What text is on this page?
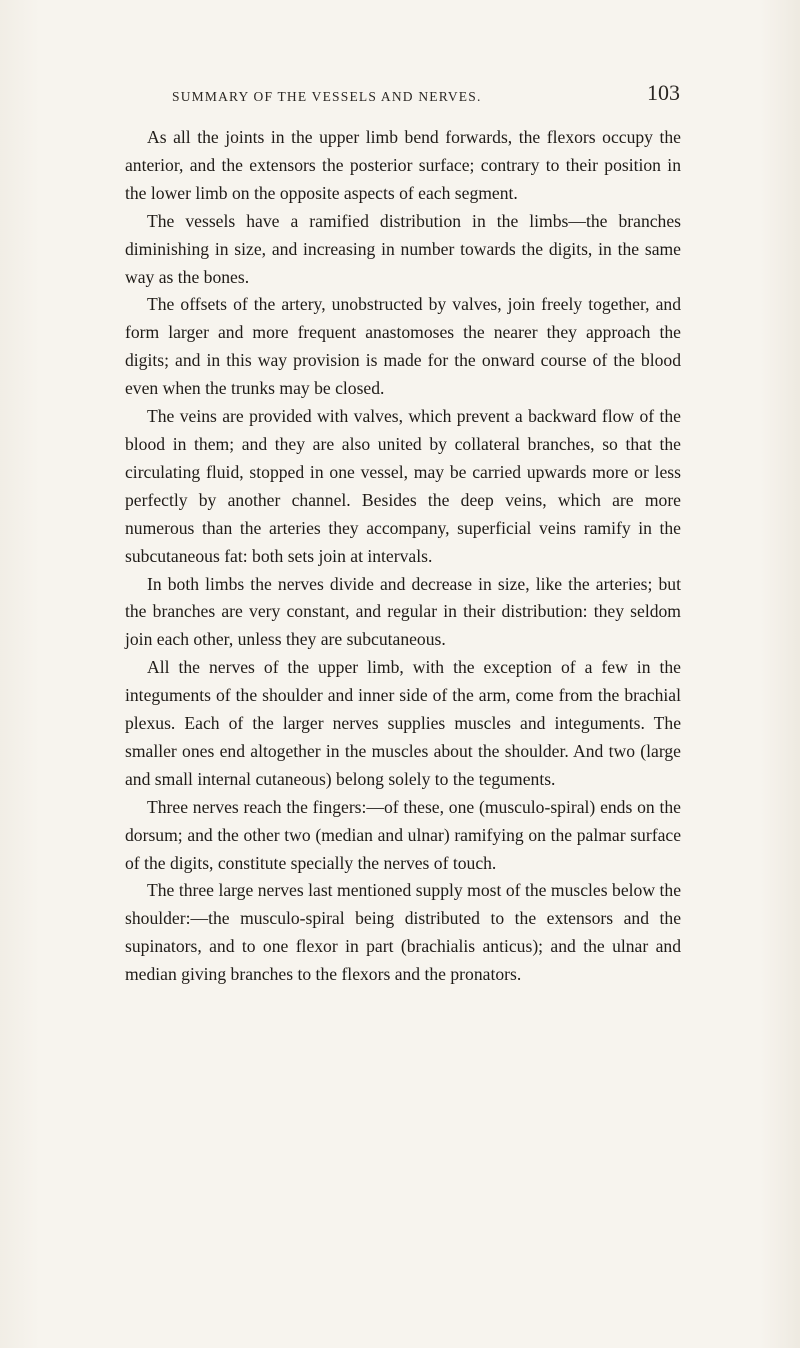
SUMMARY OF THE VESSELS AND NERVES.	103

As all the joints in the upper limb bend forwards, the flexors occupy the anterior, and the extensors the posterior surface; contrary to their position in the lower limb on the opposite aspects of each segment.

The vessels have a ramified distribution in the limbs—the branches diminishing in size, and increasing in number towards the digits, in the same way as the bones.

The offsets of the artery, unobstructed by valves, join freely together, and form larger and more frequent anastomoses the nearer they approach the digits; and in this way provision is made for the onward course of the blood even when the trunks may be closed.

The veins are provided with valves, which prevent a backward flow of the blood in them; and they are also united by collateral branches, so that the circulating fluid, stopped in one vessel, may be carried upwards more or less perfectly by another channel. Besides the deep veins, which are more numerous than the arteries they accompany, superficial veins ramify in the subcutaneous fat: both sets join at intervals.

In both limbs the nerves divide and decrease in size, like the arteries; but the branches are very constant, and regular in their distribution: they seldom join each other, unless they are subcutaneous.

All the nerves of the upper limb, with the exception of a few in the integuments of the shoulder and inner side of the arm, come from the brachial plexus. Each of the larger nerves supplies muscles and integuments. The smaller ones end altogether in the muscles about the shoulder. And two (large and small internal cutaneous) belong solely to the teguments.

Three nerves reach the fingers:—of these, one (musculo-spiral) ends on the dorsum; and the other two (median and ulnar) ramifying on the palmar surface of the digits, constitute specially the nerves of touch.

The three large nerves last mentioned supply most of the muscles below the shoulder:—the musculo-spiral being distributed to the extensors and the supinators, and to one flexor in part (brachialis anticus); and the ulnar and median giving branches to the flexors and the pronators.
